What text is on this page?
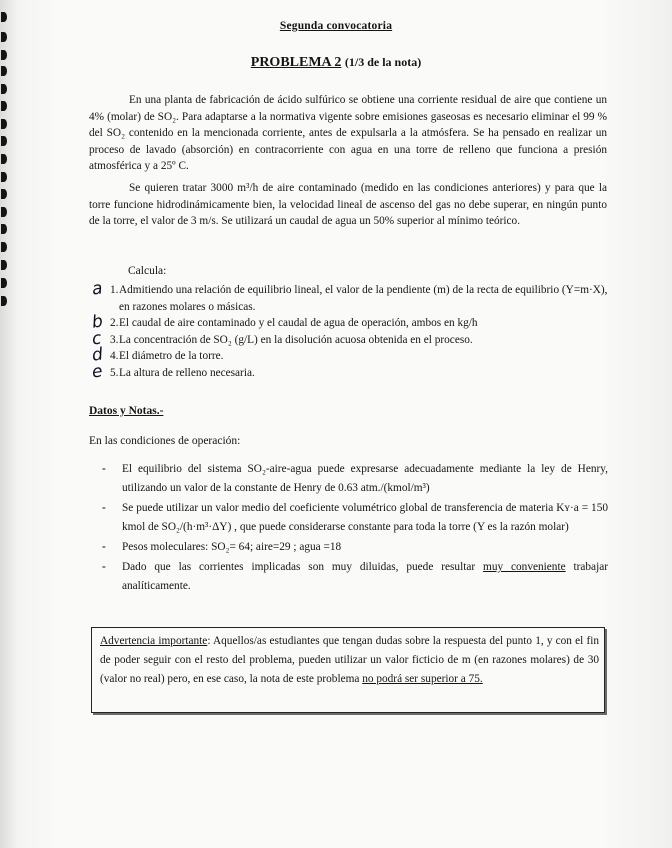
Segunda convocatoria
PROBLEMA 2 (1/3 de la nota)
En una planta de fabricación de ácido sulfúrico se obtiene una corriente residual de aire que contiene un 4% (molar) de SO₂. Para adaptarse a la normativa vigente sobre emisiones gaseosas es necesario eliminar el 99 % del SO₂ contenido en la mencionada corriente, antes de expulsarla a la atmósfera. Se ha pensado en realizar un proceso de lavado (absorción) en contracorriente con agua en una torre de relleno que funciona a presión atmosférica y a 25º C.
Se quieren tratar 3000 m³/h de aire contaminado (medido en las condiciones anteriores) y para que la torre funcione hidrodinámicamente bien, la velocidad lineal de ascenso del gas no debe superar, en ningún punto de la torre, el valor de 3 m/s. Se utilizará un caudal de agua un 50% superior al mínimo teórico.
Calcula:
a 1. Admitiendo una relación de equilibrio lineal, el valor de la pendiente (m) de la recta de equilibrio (Y=m·X), en razones molares o másicas.
b 2. El caudal de aire contaminado y el caudal de agua de operación, ambos en kg/h
c 3. La concentración de SO₂ (g/L) en la disolución acuosa obtenida en el proceso.
d 4. El diámetro de la torre.
e 5. La altura de relleno necesaria.
Datos y Notas.-
En las condiciones de operación:
- El equilibrio del sistema SO₂-aire-agua puede expresarse adecuadamente mediante la ley de Henry, utilizando un valor de la constante de Henry de 0.63 atm./(kmol/m³)
- Se puede utilizar un valor medio del coeficiente volumétrico global de transferencia de materia Kʏ·a = 150 kmol de SO₂/(h·m³·ΔY) , que puede considerarse constante para toda la torre (Y es la razón molar)
- Pesos moleculares: SO₂= 64; aire=29 ; agua =18
- Dado que las corrientes implicadas son muy diluidas, puede resultar muy conveniente trabajar analíticamente.
Advertencia importante: Aquellos/as estudiantes que tengan dudas sobre la respuesta del punto 1, y con el fin de poder seguir con el resto del problema, pueden utilizar un valor ficticio de m (en razones molares) de 30 (valor no real) pero, en ese caso, la nota de este problema no podrá ser superior a 75.
